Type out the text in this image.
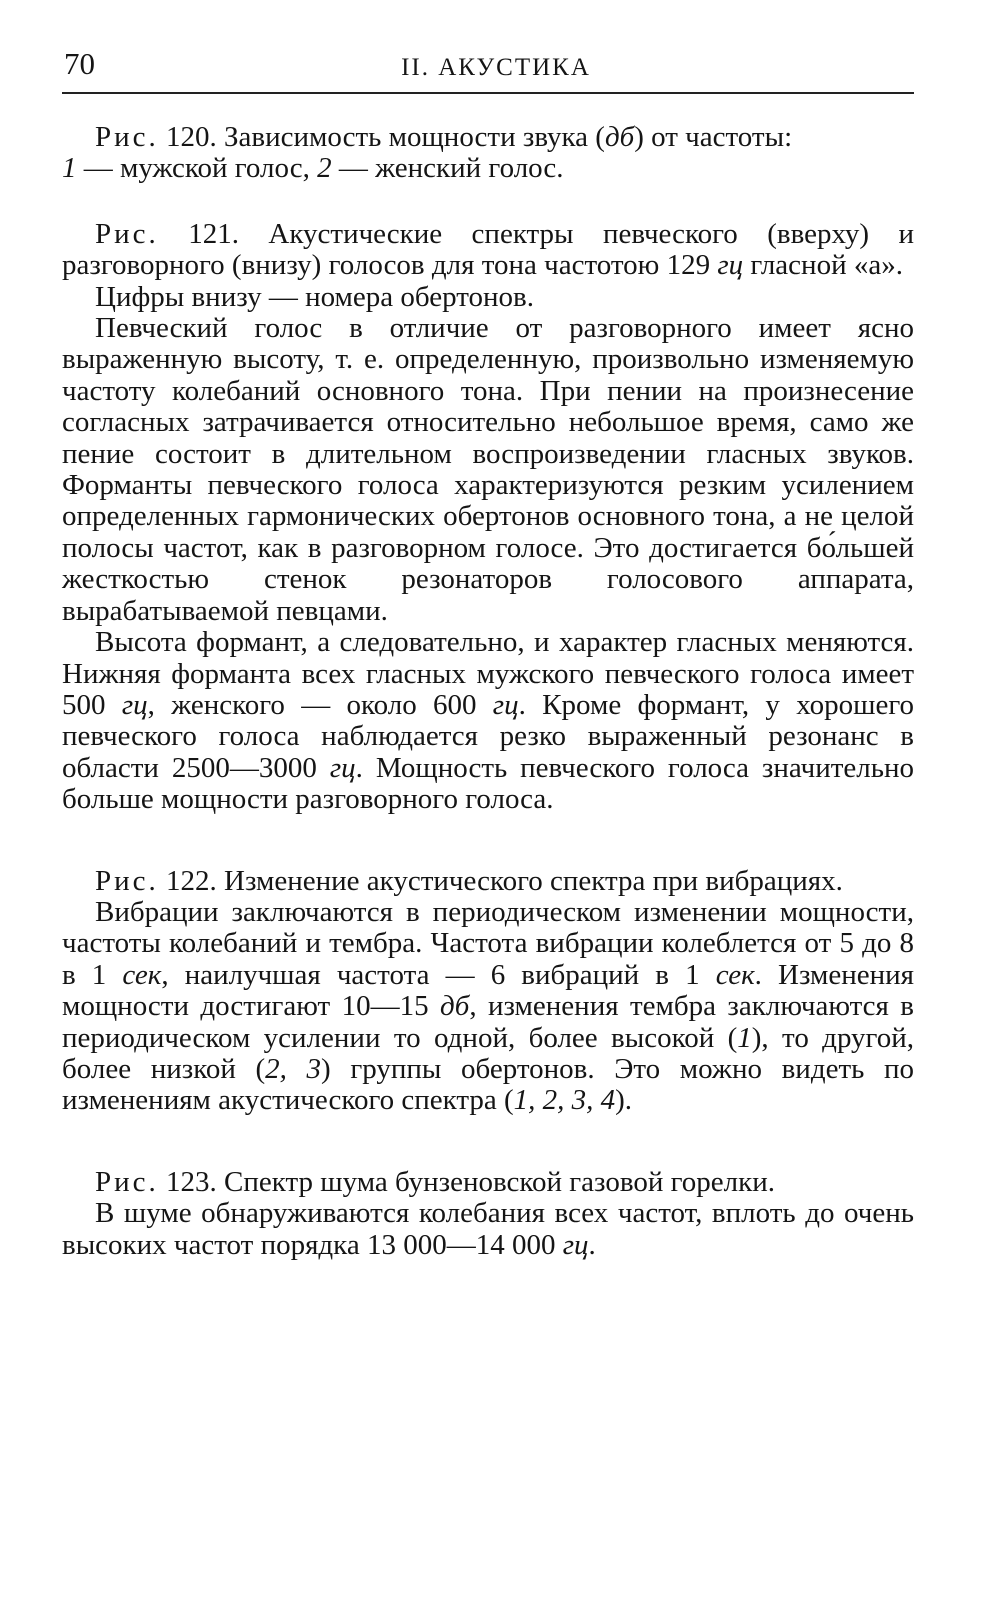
70	II. АКУСТИКА

Рис. 120. Зависимость мощности звука (дб) от частоты:
1 — мужской голос, 2 — женский голос.

Рис. 121. Акустические спектры певческого (вверху) и разговорного (внизу) голосов для тона частотою 129 гц гласной «а».

Цифры внизу — номера обертонов.

Певческий голос в отличие от разговорного имеет ясно выраженную высоту, т. е. определенную, произвольно изменяемую частоту колебаний основного тона. При пении на произнесение согласных затрачивается относительно небольшое время, само же пение состоит в длительном воспроизведении гласных звуков. Форманты певческого голоса характеризуются резким усилением определенных гармонических обертонов основного тона, а не целой полосы частот, как в разговорном голосе. Это достигается бо́льшей жесткостью стенок резонаторов голосового аппарата, вырабатываемой певцами.

Высота формант, а следовательно, и характер гласных меняются. Нижняя форманта всех гласных мужского певческого голоса имеет 500 гц, женского — около 600 гц. Кроме формант, у хорошего певческого голоса наблюдается резко выраженный резонанс в области 2500—3000 гц. Мощность певческого голоса значительно больше мощности разговорного голоса.

Рис. 122. Изменение акустического спектра при вибрациях.

Вибрации заключаются в периодическом изменении мощности, частоты колебаний и тембра. Частота вибрации колеблется от 5 до 8 в 1 сек, наилучшая частота — 6 вибраций в 1 сек. Изменения мощности достигают 10—15 дб, изменения тембра заключаются в периодическом усилении то одной, более высокой (1), то другой, более низкой (2, 3) группы обертонов. Это можно видеть по изменениям акустического спектра (1, 2, 3, 4).

Рис. 123. Спектр шума бунзеновской газовой горелки.

В шуме обнаруживаются колебания всех частот, вплоть до очень высоких частот порядка 13 000—14 000 гц.
